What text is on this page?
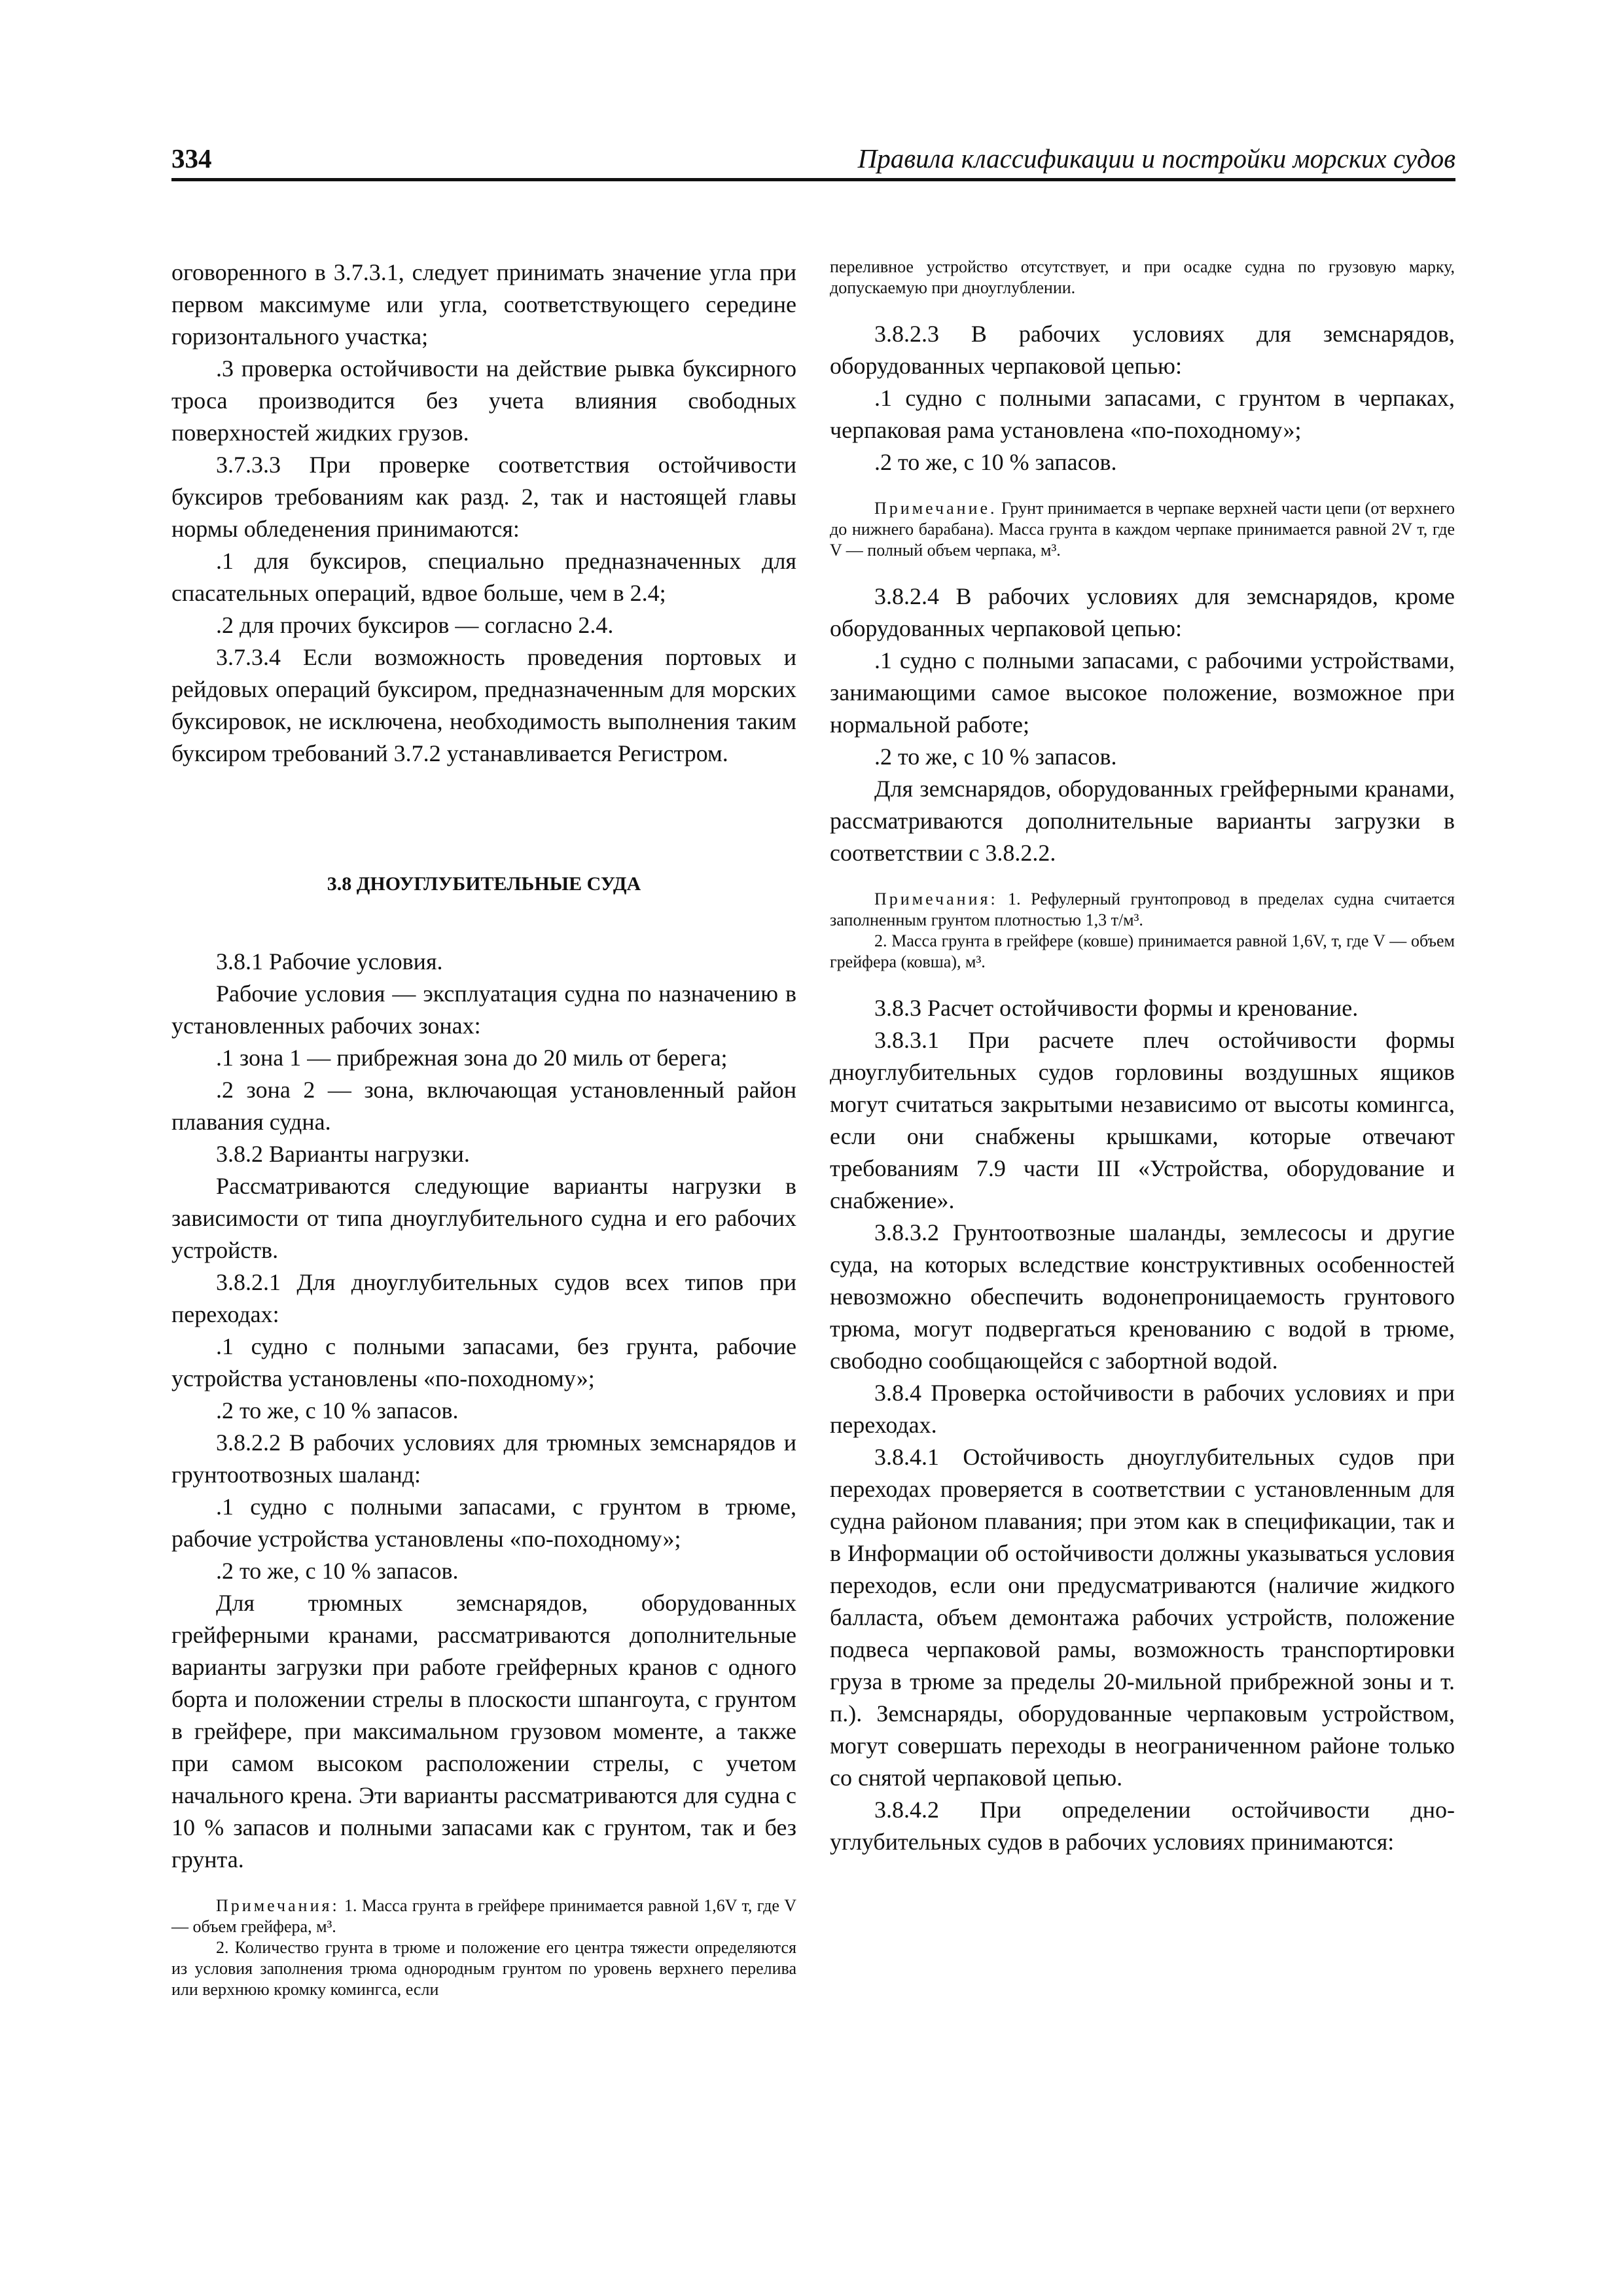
334	Правила классификации и постройки морских судов

оговоренного в 3.7.3.1, следует принимать значение угла при первом максимуме или угла, соответствующего середине горизонтального участка;

.3 проверка остойчивости на действие рывка буксирного троса производится без учета влияния свободных поверхностей жидких грузов.

3.7.3.3 При проверке соответствия остойчивости буксиров требованиям как разд. 2, так и настоящей главы нормы обледенения принимаются:

.1 для буксиров, специально предназначенных для спасательных операций, вдвое больше, чем в 2.4;

.2 для прочих буксиров — согласно 2.4.

3.7.3.4 Если возможность проведения портовых и рейдовых операций буксиром, предназначенным для морских буксировок, не исключена, необходимость выполнения таким буксиром требований 3.7.2 устанавливается Регистром.

3.8 ДНОУГЛУБИТЕЛЬНЫЕ СУДА

3.8.1 Рабочие условия.

Рабочие условия — эксплуатация судна по назначению в установленных рабочих зонах:

.1 зона 1 — прибрежная зона до 20 миль от берега;

.2 зона 2 — зона, включающая установленный район плавания судна.

3.8.2 Варианты нагрузки.

Рассматриваются следующие варианты нагрузки в зависимости от типа дноуглубительного судна и его рабочих устройств.

3.8.2.1 Для дноуглубительных судов всех типов при переходах:

.1 судно с полными запасами, без грунта, рабочие устройства установлены «по-походному»;

.2 то же, с 10 % запасов.

3.8.2.2 В рабочих условиях для трюмных земснарядов и грунтоотвозных шаланд:

.1 судно с полными запасами, с грунтом в трюме, рабочие устройства установлены «по-походному»;

.2 то же, с 10 % запасов.

Для трюмных земснарядов, оборудованных грейферными кранами, рассматриваются дополнительные варианты загрузки при работе грейферных кранов с одного борта и положении стрелы в плоскости шпангоута, с грунтом в грейфере, при максимальном грузовом моменте, а также при самом высоком расположении стрелы, с учетом начального крена. Эти варианты рассматриваются для судна с 10 % запасов и полными запасами как с грунтом, так и без грунта.

Примечания: 1. Масса грунта в грейфере принимается равной 1,6V т, где V — объем грейфера, м³.

2. Количество грунта в трюме и положение его центра тяжести определяются из условия заполнения трюма однородным грунтом по уровень верхнего перелива или верхнюю кромку комингса, если

переливное устройство отсутствует, и при осадке судна по грузовую марку, допускаемую при дноуглублении.

3.8.2.3 В рабочих условиях для земснарядов, оборудованных черпаковой цепью:

.1 судно с полными запасами, с грунтом в черпаках, черпаковая рама установлена «по-походному»;

.2 то же, с 10 % запасов.

Примечание. Грунт принимается в черпаке верхней части цепи (от верхнего до нижнего барабана). Масса грунта в каждом черпаке принимается равной 2V т, где V — полный объем черпака, м³.

3.8.2.4 В рабочих условиях для земснарядов, кроме оборудованных черпаковой цепью:

.1 судно с полными запасами, с рабочими устройствами, занимающими самое высокое положение, возможное при нормальной работе;

.2 то же, с 10 % запасов.

Для земснарядов, оборудованных грейферными кранами, рассматриваются дополнительные варианты загрузки в соответствии с 3.8.2.2.

Примечания: 1. Рефулерный грунтопровод в пределах судна считается заполненным грунтом плотностью 1,3 т/м³.

2. Масса грунта в грейфере (ковше) принимается равной 1,6V, т, где V — объем грейфера (ковша), м³.

3.8.3 Расчет остойчивости формы и кренование.

3.8.3.1 При расчете плеч остойчивости формы дноуглубительных судов горловины воздушных ящиков могут считаться закрытыми независимо от высоты комингса, если они снабжены крышками, которые отвечают требованиям 7.9 части III «Устройства, оборудование и снабжение».

3.8.3.2 Грунтоотвозные шаланды, землесосы и другие суда, на которых вследствие конструктивных особенностей невозможно обеспечить водонепроницаемость грунтового трюма, могут подвергаться кренованию с водой в трюме, свободно сообщающейся с забортной водой.

3.8.4 Проверка остойчивости в рабочих условиях и при переходах.

3.8.4.1 Остойчивость дноуглубительных судов при переходах проверяется в соответствии с установленным для судна районом плавания; при этом как в спецификации, так и в Информации об остойчивости должны указываться условия переходов, если они предусматриваются (наличие жидкого балласта, объем демонтажа рабочих устройств, положение подвеса черпаковой рамы, возможность транспортировки груза в трюме за пределы 20-мильной прибрежной зоны и т. п.). Земснаряды, оборудованные черпаковым устройством, могут совершать переходы в неограниченном районе только со снятой черпаковой цепью.

3.8.4.2 При определении остойчивости дноуглубительных судов в рабочих условиях принимаются:
